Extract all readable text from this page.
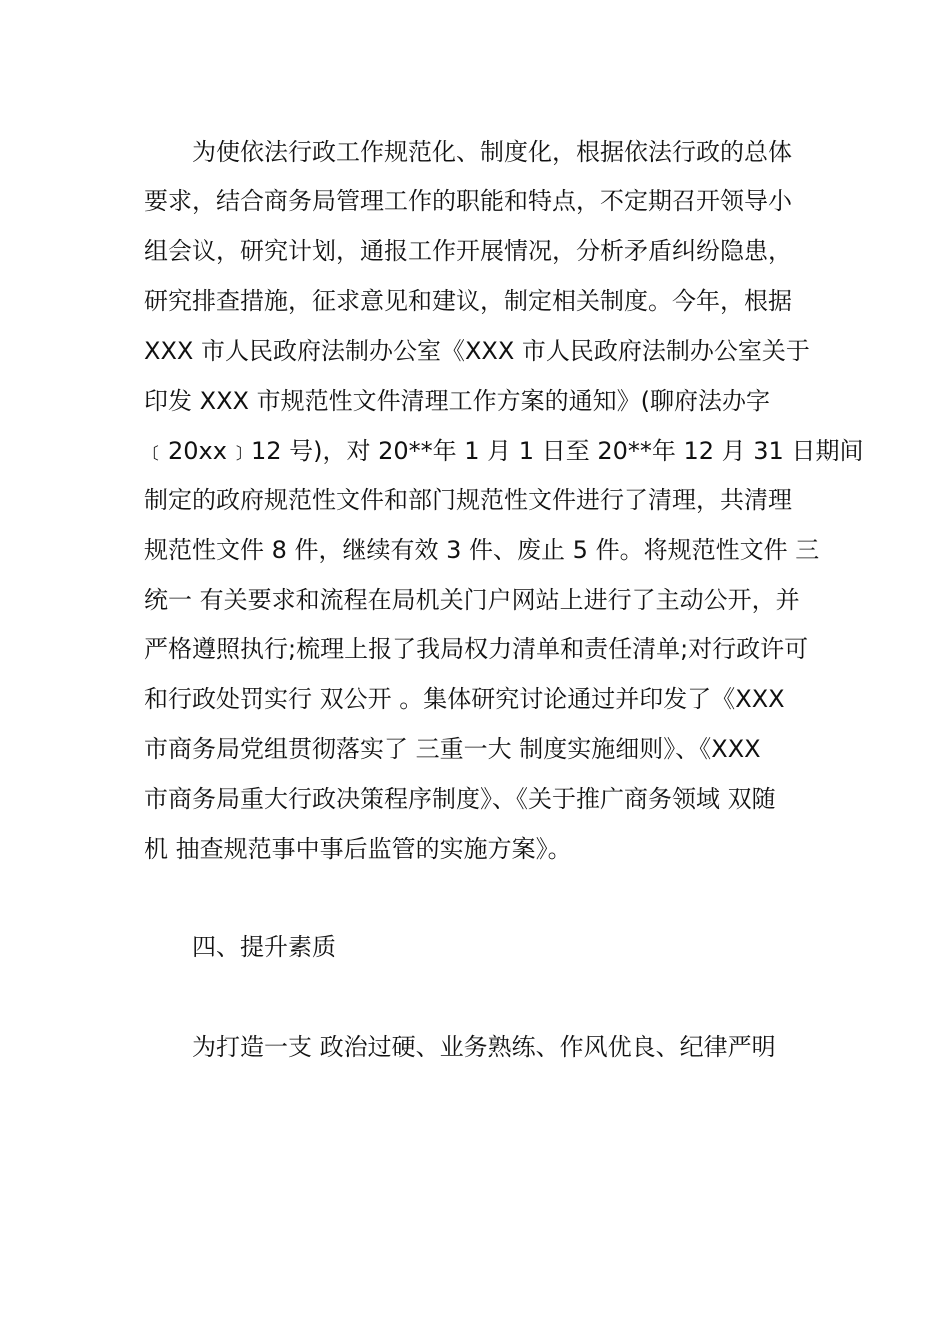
为使依法行政工作规范化、制度化，根据依法行政的总体
要求，结合商务局管理工作的职能和特点，不定期召开领导小
组会议，研究计划，通报工作开展情况，分析矛盾纠纷隐患，
研究排查措施，征求意见和建议，制定相关制度。今年，根据
XXX 市人民政府法制办公室《XXX 市人民政府法制办公室关于
印发 XXX 市规范性文件清理工作方案的通知》(聊府法办字
﹝20xx﹞12 号)，对 20**年 1 月 1 日至 20**年 12 月 31 日期间
制定的政府规范性文件和部门规范性文件进行了清理，共清理
规范性文件 8 件，继续有效 3 件、废止 5 件。将规范性文件 三
统一 有关要求和流程在局机关门户网站上进行了主动公开，并
严格遵照执行;梳理上报了我局权力清单和责任清单;对行政许可
和行政处罚实行 双公开 。集体研究讨论通过并印发了《XXX
市商务局党组贯彻落实了 三重一大 制度实施细则》、《XXX
市商务局重大行政决策程序制度》、《关于推广商务领域 双随
机 抽查规范事中事后监管的实施方案》。
四、提升素质
为打造一支 政治过硬、业务熟练、作风优良、纪律严明
